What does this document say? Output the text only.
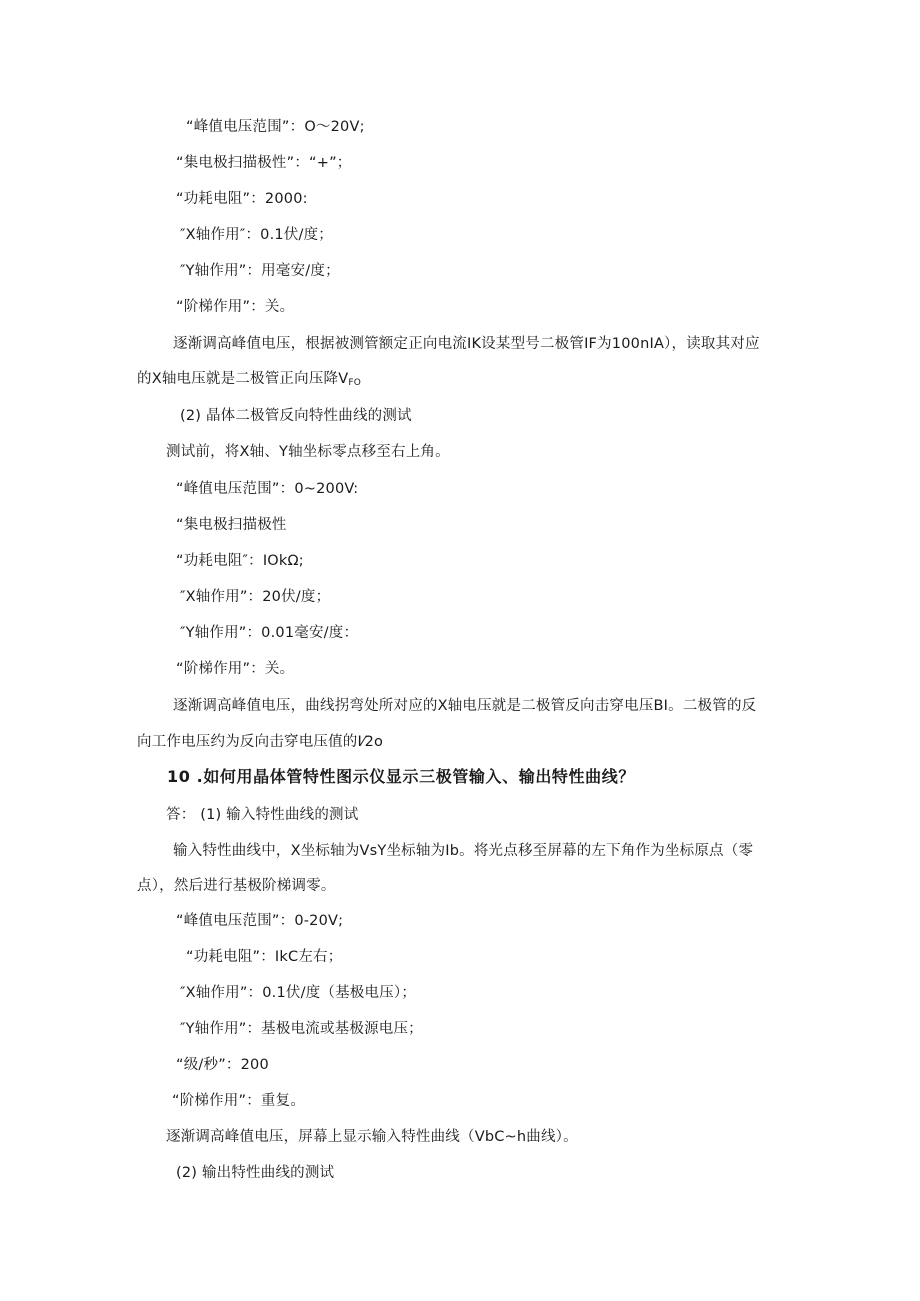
“峰值电压范围”：O〜20V;
“集电极扫描极性”：“+”；
“功耗电阻”：2000:
″X轴作用″：0.1伏/度；
″Y轴作用”：用毫安/度；
“阶梯作用”：关。
逐渐调高峰值电压，根据被测管额定正向电流IK设某型号二极管IF为100nIA），读取其对应
的X轴电压就是二极管正向压降$V_{FO}$
(2) 晶体二极管反向特性曲线的测试
测试前，将X轴、Y轴坐标零点移至右上角。
“峰值电压范围”：0~200V:
“集电极扫描极性
“功耗电阻″：IOkΩ;
″X轴作用”：20伏/度；
″Y轴作用”：0.01毫安/度：
“阶梯作用”：关。
逐渐调高峰值电压，曲线拐弯处所对应的X轴电压就是二极管反向击穿电压BI。二极管的反
向工作电压约为反向击穿电压值的I⁄2o
10 .如何用晶体管特性图示仪显示三极管输入、输出特性曲线？
答： (1) 输入特性曲线的测试
输入特性曲线中，X坐标轴为VsY坐标轴为Ib。将光点移至屏幕的左下角作为坐标原点（零
点），然后进行基极阶梯调零。
“峰值电压范围”：0-20V;
“功耗电阻”：IkC左右；
″X轴作用”：0.1伏/度（基极电压）；
″Y轴作用”：基极电流或基极源电压；
“级/秒”：200
“阶梯作用”：重复。
逐渐调高峰值电压，屏幕上显示输入特性曲线（VbC~h曲线）。
(2) 输出特性曲线的测试
